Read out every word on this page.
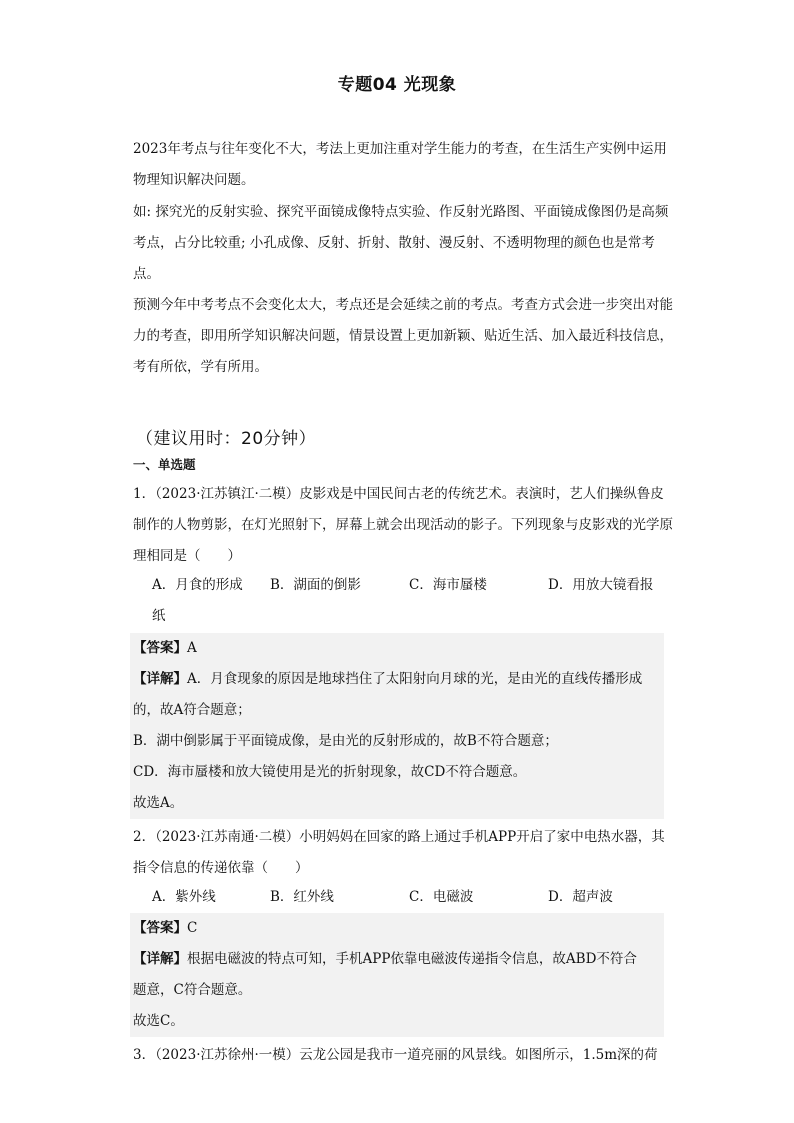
专题04 光现象

2023年考点与往年变化不大，考法上更加注重对学生能力的考查，在生活生产实例中运用物理知识解决问题。

如: 探究光的反射实验、探究平面镜成像特点实验、作反射光路图、平面镜成像图仍是高频考点，占分比较重; 小孔成像、反射、折射、散射、漫反射、不透明物理的颜色也是常考点。

预测今年中考考点不会变化太大，考点还是会延续之前的考点。考查方式会进一步突出对能力的考查，即用所学知识解决问题，情景设置上更加新颖、贴近生活、加入最近科技信息，考有所依，学有所用。

（建议用时：20分钟）
一、单选题

1．（2023·江苏镇江·二模）皮影戏是中国民间古老的传统艺术。表演时，艺人们操纵鲁皮制作的人物剪影，在灯光照射下，屏幕上就会出现活动的影子。下列现象与皮影戏的光学原理相同是（　　）

A．月食的形成 B．湖面的倒影	C．海市蜃楼	D．用放大镜看报
纸
【答案】A
【详解】A．月食现象的原因是地球挡住了太阳射向月球的光，是由光的直线传播形成
的，故A符合题意；
B．湖中倒影属于平面镜成像，是由光的反射形成的，故B不符合题意；
CD．海市蜃楼和放大镜使用是光的折射现象，故CD不符合题意。
故选A。

2．（2023·江苏南通·二模）小明妈妈在回家的路上通过手机APP开启了家中电热水器，其指令信息的传递依靠（　　）

A．紫外线	B．红外线	C．电磁波	D．超声波
【答案】C
【详解】根据电磁波的特点可知，手机APP依靠电磁波传递指令信息，故ABD不符合
题意，C符合题意。
故选C。

3．（2023·江苏徐州·一模）云龙公园是我市一道亮丽的风景线。如图所示，1.5m深的荷
